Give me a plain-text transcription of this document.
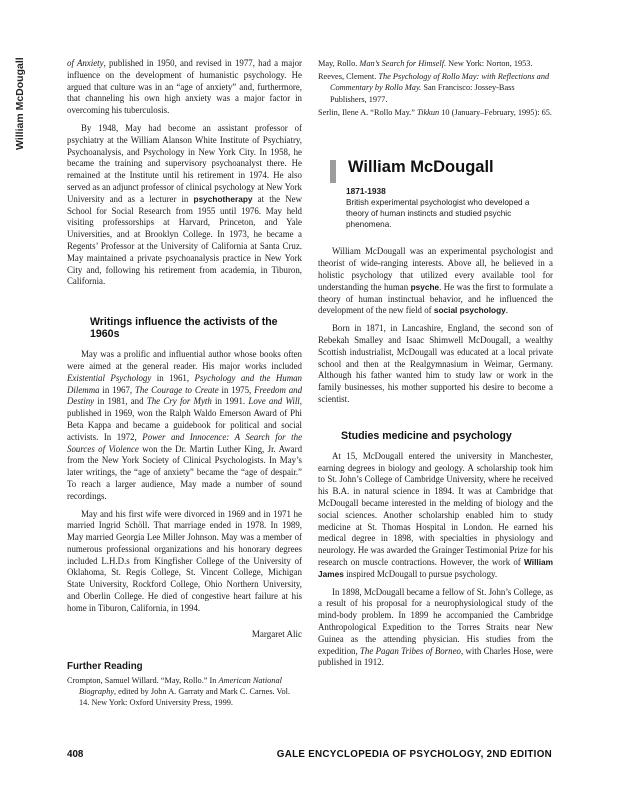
William McDougall	of Anxiety, published in 1950, and revised in 1977, had a major influence on the development of humanistic psychology. He argued that culture was in an “age of anxiety” and, furthermore, that channeling his own high anxiety was a major factor in overcoming his tuberculosis.

By 1948, May had become an assistant professor of psychiatry at the William Alanson White Institute of Psychiatry, Psychoanalysis, and Psychology in New York City. In 1958, he became the training and supervisory psychoanalyst there. He remained at the Institute until his retirement in 1974. He also served as an adjunct professor of clinical psychology at New York University and as a lecturer in psychotherapy at the New School for Social Research from 1955 until 1976. May held visiting professorships at Harvard, Princeton, and Yale Universities, and at Brooklyn College. In 1973, he became a Regents’ Professor at the University of California at Santa Cruz. May maintained a private psychoanalysis practice in New York City and, following his retirement from academia, in Tiburon, California.

Writings influence the activists of the 1960s

May was a prolific and influential author whose books often were aimed at the general reader. His major works included Existential Psychology in 1961, Psychology and the Human Dilemma in 1967, The Courage to Create in 1975, Freedom and Destiny in 1981, and The Cry for Myth in 1991. Love and Will, published in 1969, won the Ralph Waldo Emerson Award of Phi Beta Kappa and became a guidebook for political and social activists. In 1972, Power and Innocence: A Search for the Sources of Violence won the Dr. Martin Luther King, Jr. Award from the New York Society of Clinical Psychologists. In May’s later writings, the “age of anxiety” became the “age of despair.” To reach a larger audience, May made a number of sound recordings.

May and his first wife were divorced in 1969 and in 1971 he married Ingrid Schöll. That marriage ended in 1978. In 1989, May married Georgia Lee Miller Johnson. May was a member of numerous professional organizations and his honorary degrees included L.H.D.s from Kingfisher College of the University of Oklahoma, St. Regis College, St. Vincent College, Michigan State University, Rockford College, Ohio Northern University, and Oberlin College. He died of congestive heart failure at his home in Tiburon, California, in 1994.

Margaret Alic
Further Reading

Crompton, Samuel Willard. “May, Rollo.” In American National Biography, edited by John A. Garraty and Mark C. Carnes. Vol. 14. New York: Oxford University Press, 1999.

May, Rollo. Man’s Search for Himself. New York: Norton, 1953.

Reeves, Clement. The Psychology of Rollo May: with Reflections and Commentary by Rollo May. San Francisco: Jossey-Bass Publishers, 1977.

Serlin, Ilene A. “Rollo May.” Tikkun 10 (January–February, 1995): 65.

William McDougall
1871-1938
British experimental psychologist who developed a theory of human instincts and studied psychic phenomena.

William McDougall was an experimental psychologist and theorist of wide-ranging interests. Above all, he believed in a holistic psychology that utilized every available tool for understanding the human psyche. He was the first to formulate a theory of human instinctual behavior, and he influenced the development of the new field of social psychology.

Born in 1871, in Lancashire, England, the second son of Rebekah Smalley and Isaac Shimwell McDougall, a wealthy Scottish industrialist, McDougall was educated at a local private school and then at the Realgymnasium in Weimar, Germany. Although his father wanted him to study law or work in the family businesses, his mother supported his desire to become a scientist.

Studies medicine and psychology

At 15, McDougall entered the university in Manchester, earning degrees in biology and geology. A scholarship took him to St. John’s College of Cambridge University, where he received his B.A. in natural science in 1894. It was at Cambridge that McDougall became interested in the melding of biology and the social sciences. Another scholarship enabled him to study medicine at St. Thomas Hospital in London. He earned his medical degree in 1898, with specialties in physiology and neurology. He was awarded the Grainger Testimonial Prize for his research on muscle contractions. However, the work of William James inspired McDougall to pursue psychology.

In 1898, McDougall became a fellow of St. John’s College, as a result of his proposal for a neurophysiological study of the mind-body problem. In 1899 he accompanied the Cambridge Anthropological Expedition to the Torres Straits near New Guinea as the attending physician. His studies from the expedition, The Pagan Tribes of Borneo, with Charles Hose, were published in 1912.

408	GALE ENCYCLOPEDIA OF PSYCHOLOGY, 2ND EDITION
